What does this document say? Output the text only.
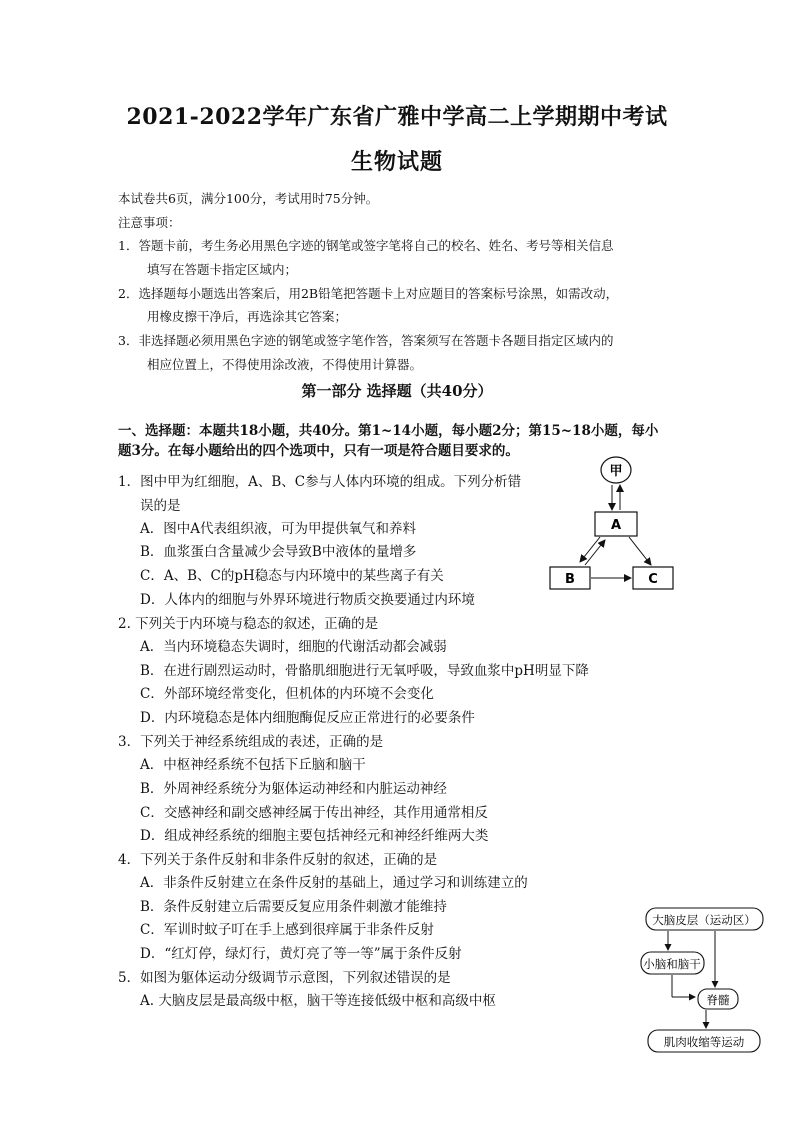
2021-2022学年广东省广雅中学高二上学期期中考试
生物试题
本试卷共6页，满分100分，考试用时75分钟。
注意事项：
1．答题卡前，考生务必用黑色字迹的钢笔或签字笔将自己的校名、姓名、考号等相关信息
填写在答题卡指定区域内；
2．选择题每小题选出答案后，用2B铅笔把答题卡上对应题目的答案标号涂黑，如需改动，
用橡皮擦干净后，再选涂其它答案；
3．非选择题必须用黑色字迹的钢笔或签字笔作答，答案须写在答题卡各题目指定区域内的
相应位置上，不得使用涂改液，不得使用计算器。
第一部分 选择题（共40分）
一、选择题：本题共18小题，共40分。第1~14小题，每小题2分；第15~18小题，每小
题3分。在每小题给出的四个选项中，只有一项是符合题目要求的。
1．图中甲为红细胞，A、B、C参与人体内环境的组成。下列分析错
误的是
A．图中A代表组织液，可为甲提供氧气和养料
B．血浆蛋白含量减少会导致B中液体的量增多
C．A、B、C的pH稳态与内环境中的某些离子有关
D．人体内的细胞与外界环境进行物质交换要通过内环境
甲
A
B	C
2. 下列关于内环境与稳态的叙述，正确的是
A．当内环境稳态失调时，细胞的代谢活动都会减弱
B．在进行剧烈运动时，骨骼肌细胞进行无氧呼吸，导致血浆中pH明显下降
C．外部环境经常变化，但机体的内环境不会变化
D．内环境稳态是体内细胞酶促反应正常进行的必要条件
3．下列关于神经系统组成的表述，正确的是
A．中枢神经系统不包括下丘脑和脑干
B．外周神经系统分为躯体运动神经和内脏运动神经
C．交感神经和副交感神经属于传出神经，其作用通常相反
D．组成神经系统的细胞主要包括神经元和神经纤维两大类
4．下列关于条件反射和非条件反射的叙述，正确的是
A．非条件反射建立在条件反射的基础上，通过学习和训练建立的
B．条件反射建立后需要反复应用条件刺激才能维持
C．军训时蚊子叮在手上感到很痒属于非条件反射
D．“红灯停，绿灯行，黄灯亮了等一等”属于条件反射
5．如图为躯体运动分级调节示意图，下列叙述错误的是
A. 大脑皮层是最高级中枢，脑干等连接低级中枢和高级中枢
大脑皮层（运动区）
小脑和脑干
脊髓
肌肉收缩等运动
